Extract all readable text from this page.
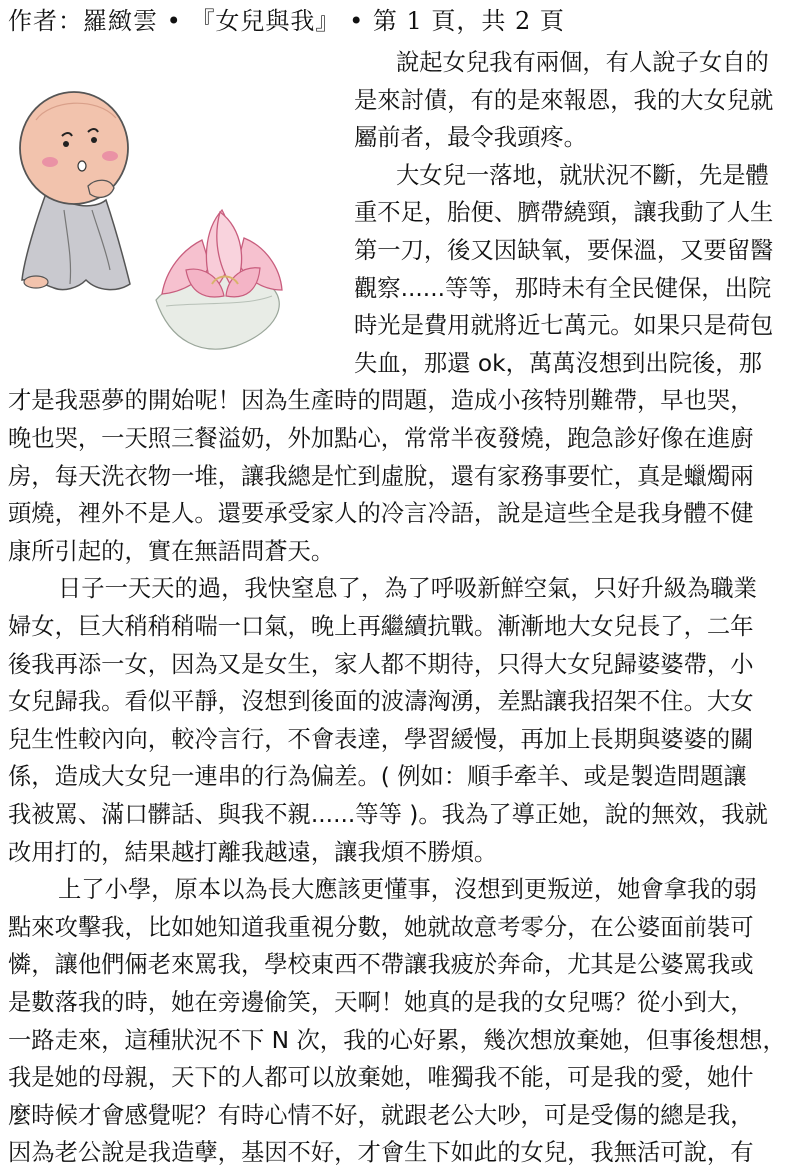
作者：羅緻雲 • 『女兒與我』 • 第 1 頁，共 2 頁
說起女兒我有兩個，有人說子女自的
是來討債，有的是來報恩，我的大女兒就
屬前者，最令我頭疼。
大女兒一落地，就狀況不斷，先是體
重不足，胎便、臍帶繞頸，讓我動了人生
第一刀，後又因缺氧，要保溫，又要留醫
觀察......等等，那時未有全民健保，出院
時光是費用就將近七萬元。如果只是荷包
失血，那還 ok，萬萬沒想到出院後，那
才是我惡夢的開始呢！因為生產時的問題，造成小孩特別難帶，早也哭，
晚也哭，一天照三餐溢奶，外加點心，常常半夜發燒，跑急診好像在進廚
房，每天洗衣物一堆，讓我總是忙到虛脫，還有家務事要忙，真是蠟燭兩
頭燒，裡外不是人。還要承受家人的冷言冷語，說是這些全是我身體不健
康所引起的，實在無語問蒼天。
日子一天天的過，我快窒息了，為了呼吸新鮮空氣，只好升級為職業
婦女，巨大稍稍稍喘一口氣，晚上再繼續抗戰。漸漸地大女兒長了，二年
後我再添一女，因為又是女生，家人都不期待，只得大女兒歸婆婆帶，小
女兒歸我。看似平靜，沒想到後面的波濤洶湧，差點讓我招架不住。大女
兒生性較內向，較冷言行，不會表達，學習緩慢，再加上長期與婆婆的關
係，造成大女兒一連串的行為偏差。( 例如：順手牽羊、或是製造問題讓
我被罵、滿口髒話、與我不親......等等 )。我為了導正她，說的無效，我就
改用打的，結果越打離我越遠，讓我煩不勝煩。
上了小學，原本以為長大應該更懂事，沒想到更叛逆，她會拿我的弱
點來攻擊我，比如她知道我重視分數，她就故意考零分，在公婆面前裝可
憐，讓他們倆老來罵我，學校東西不帶讓我疲於奔命，尤其是公婆罵我或
是數落我的時，她在旁邊偷笑，天啊！她真的是我的女兒嗎？從小到大，
一路走來，這種狀況不下 N 次，我的心好累，幾次想放棄她，但事後想想，
我是她的母親，天下的人都可以放棄她，唯獨我不能，可是我的愛，她什
麼時候才會感覺呢？有時心情不好，就跟老公大吵，可是受傷的總是我，
因為老公說是我造孽，基因不好，才會生下如此的女兒，我無活可說，有
